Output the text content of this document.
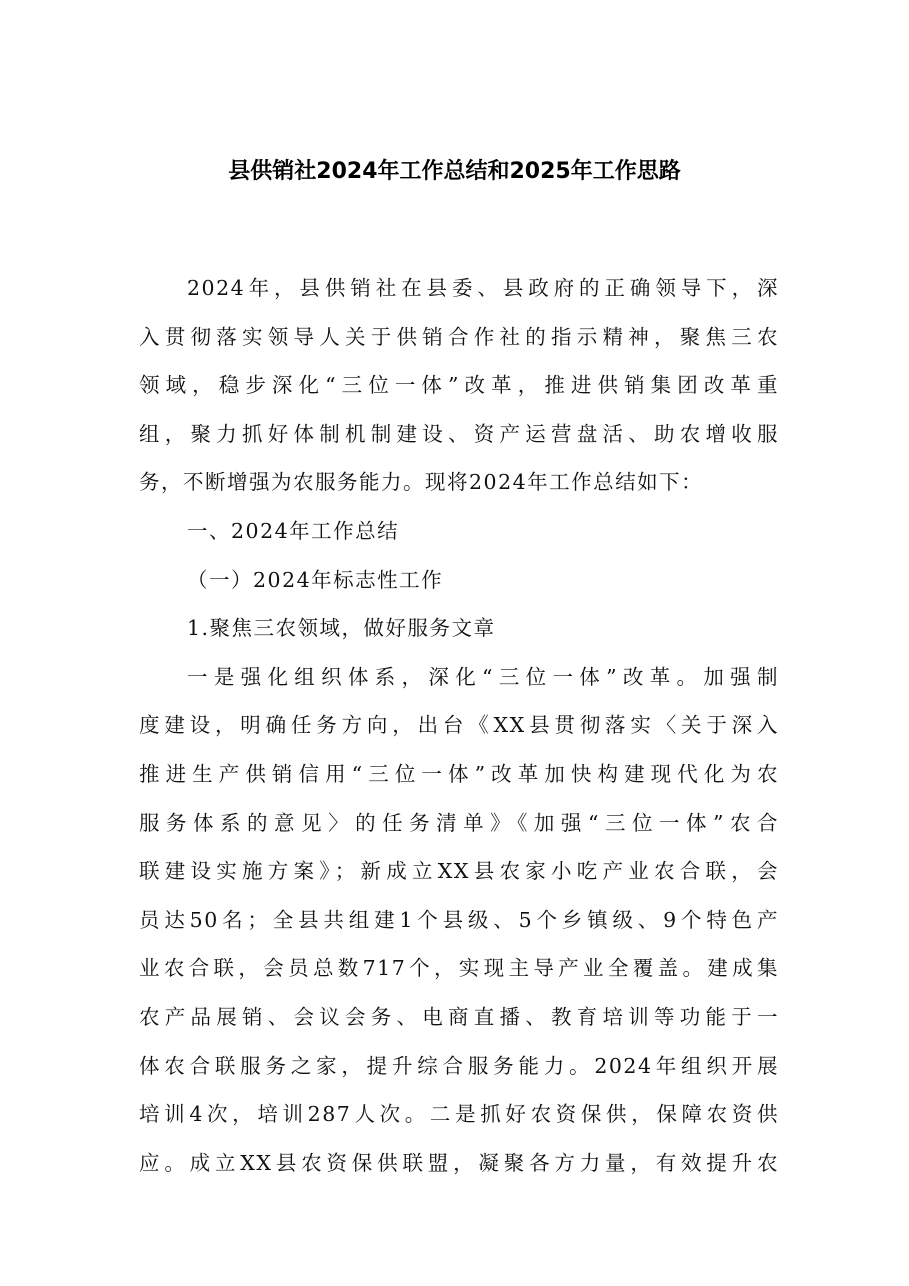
县供销社2024年工作总结和2025年工作思路
2024年，县供销社在县委、县政府的正确领导下，深
入贯彻落实领导人关于供销合作社的指示精神，聚焦三农
领域，稳步深化“三位一体”改革，推进供销集团改革重
组，聚力抓好体制机制建设、资产运营盘活、助农增收服
务，不断增强为农服务能力。现将2024年工作总结如下：
一、2024年工作总结
（一）2024年标志性工作
1.聚焦三农领域，做好服务文章
一是强化组织体系，深化“三位一体”改革。加强制
度建设，明确任务方向，出台《XX县贯彻落实〈关于深入
推进生产供销信用“三位一体”改革加快构建现代化为农
服务体系的意见〉的任务清单》《加强“三位一体”农合
联建设实施方案》；新成立XX县农家小吃产业农合联，会
员达50名；全县共组建1个县级、5个乡镇级、9个特色产
业农合联，会员总数717个，实现主导产业全覆盖。建成集
农产品展销、会议会务、电商直播、教育培训等功能于一
体农合联服务之家，提升综合服务能力。2024年组织开展
培训4次，培训287人次。二是抓好农资保供，保障农资供
应。成立XX县农资保供联盟，凝聚各方力量，有效提升农
